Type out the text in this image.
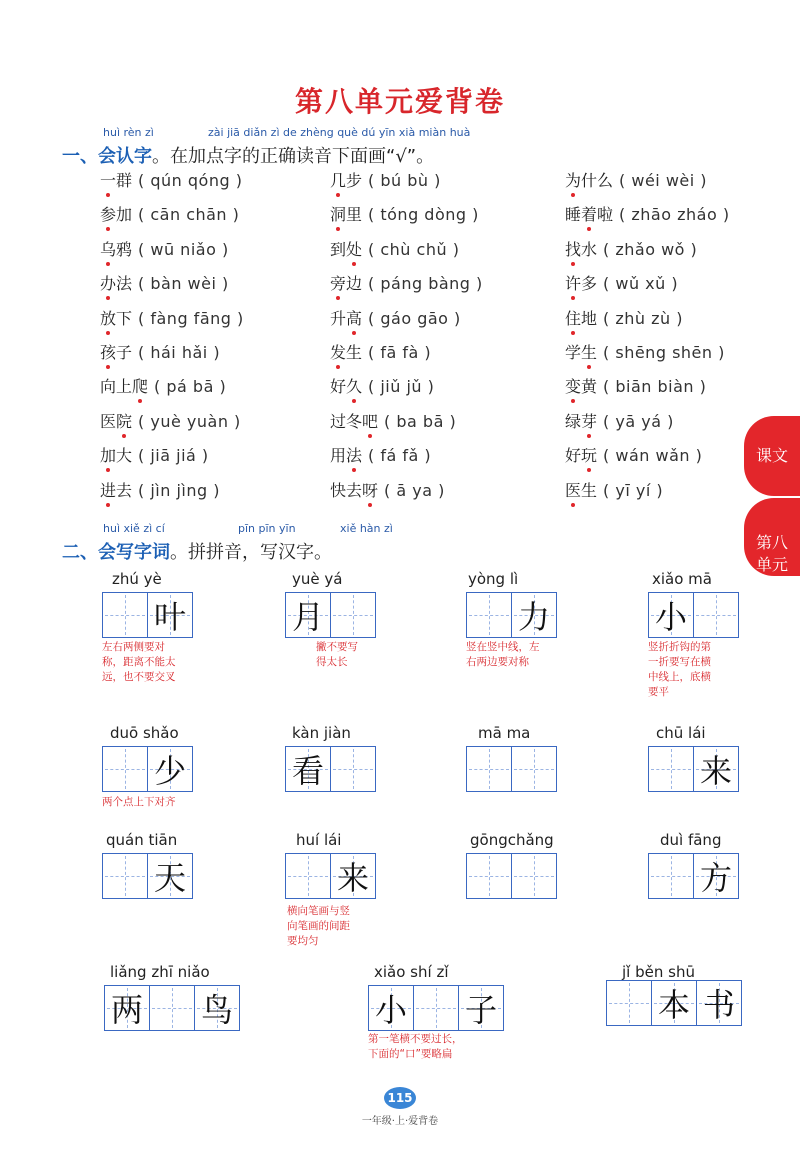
第八单元爱背卷
huì rèn zì	zài jiā diǎn zì de zhèng què dú yīn xià miàn huà
一、会认字。在加点字的正确读音下面画“√”。
一群 ( qún qóng )	几步 ( bú bù )	为什么 ( wéi wèi )
参加 ( cān chān )	洞里 ( tóng dòng )	睡着啦 ( zhāo zháo )
乌鸦 ( wū niǎo )	到处 ( chù chǔ )	找水 ( zhǎo wǒ )
办法 ( bàn wèi )	旁边 ( páng bàng )	许多 ( wǔ xǔ )
放下 ( fàng fāng )	升高 ( gáo gāo )	住地 ( zhù zù )
孩子 ( hái hǎi )	发生 ( fā fà )	学生 ( shēng shēn )
向上爬 ( pá bā )	好久 ( jiǔ jǔ )	变黄 ( biān biàn )
医院 ( yuè yuàn )	过冬吧 ( ba bā )	绿芽 ( yā yá )
加大 ( jiā jiá )	用法 ( fá fǎ )	好玩 ( wán wǎn )
进去 ( jìn jìng )	快去呀 ( ā ya )	医生 ( yī yí )
课文

第八
单元

huì xiě zì cí	pīn pīn yīn	xiě hàn zì
二、会写字词。拼拼音，写汉字。
zhú yè
叶
左右两侧要对
称，距离不能太
远，也不要交叉
yuè yá
月
撇不要写
得太长
yòng lì
力
竖在竖中线，左
右两边要对称
xiǎo mā
小
竖折折钩的第
一折要写在横
中线上，底横
要平
duō shǎo
少
两个点上下对齐
kàn jiàn
看
mā ma	chū lái
来
quán tiān
天
huí lái
来
横向笔画与竖
向笔画的间距
要均匀
gōngchǎng	duì fāng
方
liǎng zhī niǎo
两 鸟
xiǎo shí zǐ
小 子
第一笔横不要过长，
下面的“口”要略扁
jǐ běn shū
本 书
115
一年级·上·爱背卷
